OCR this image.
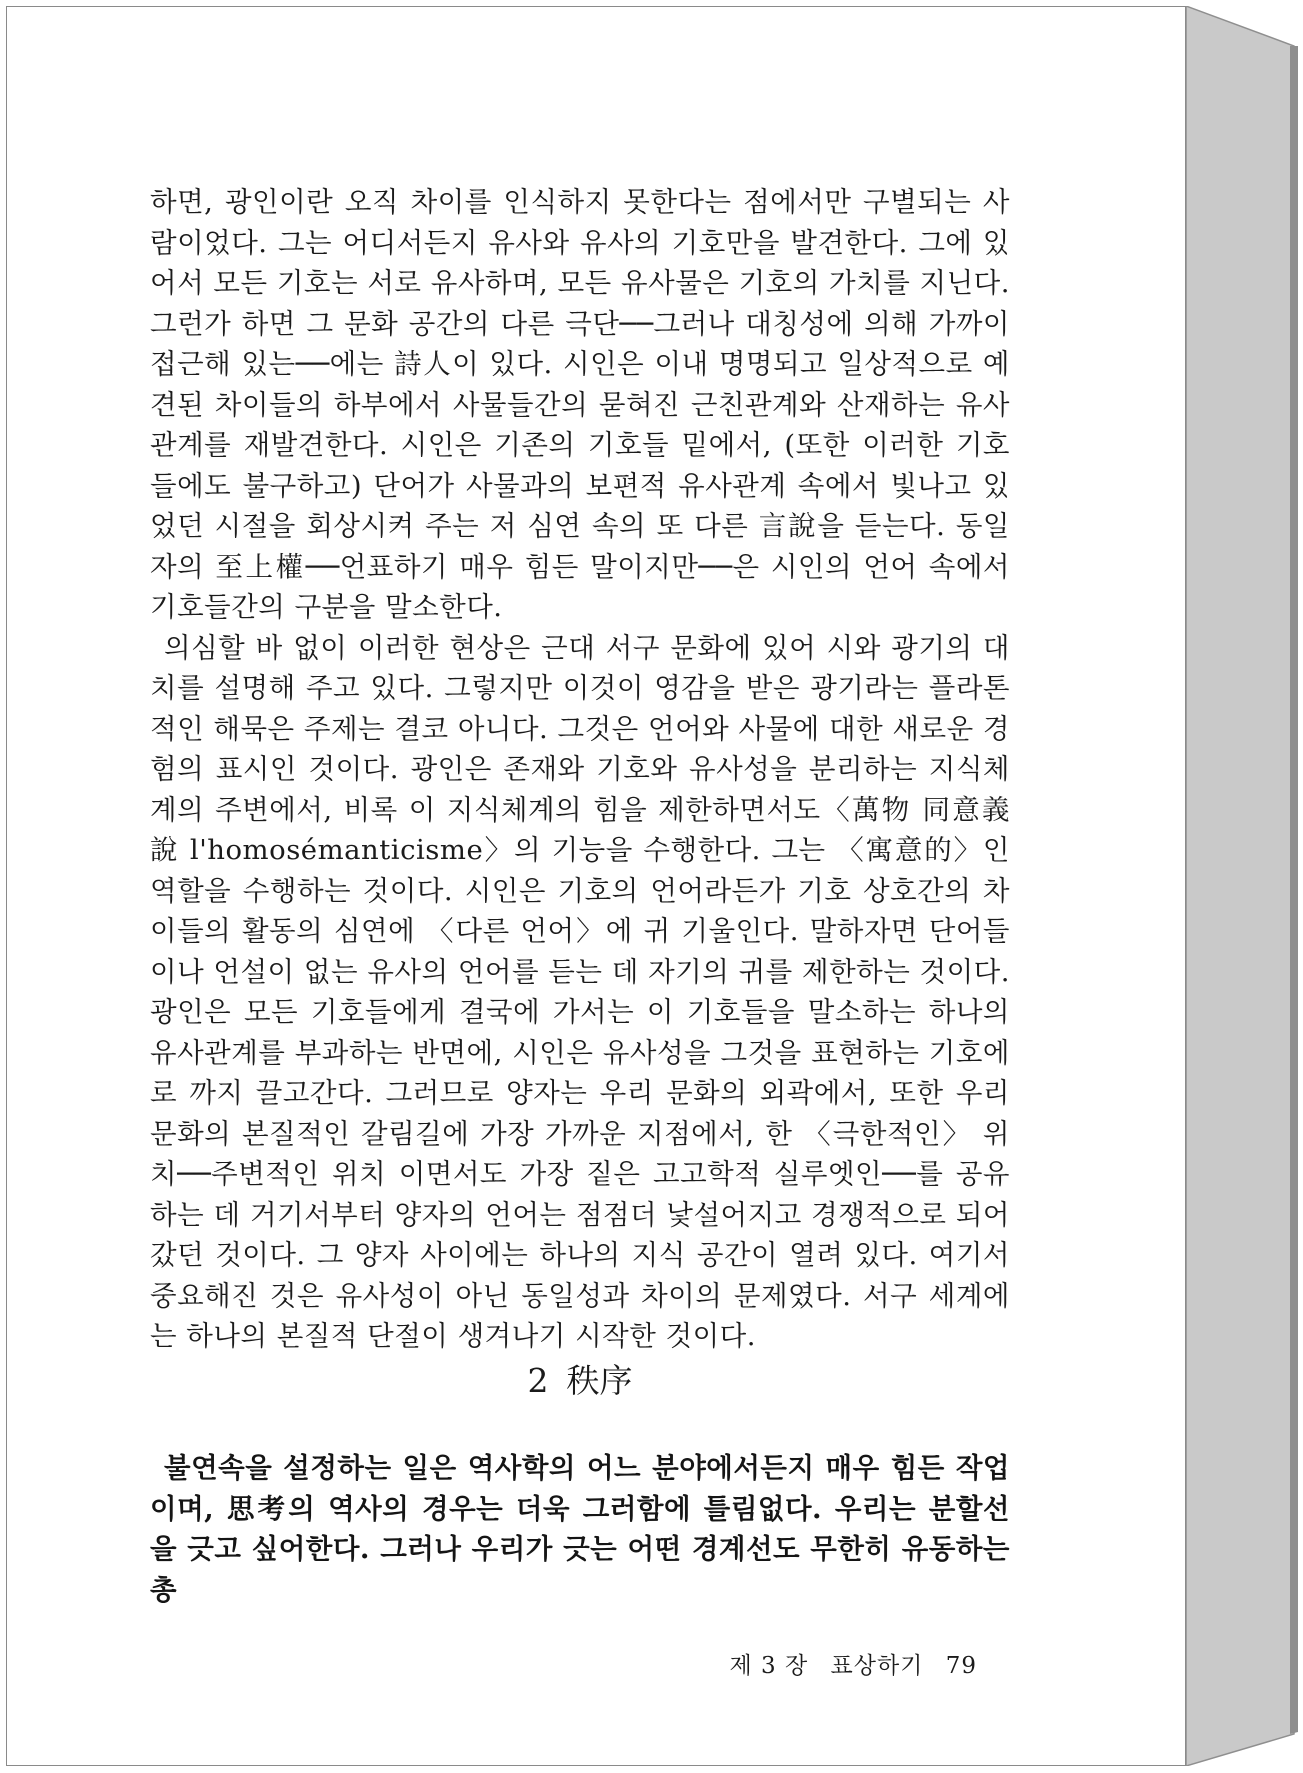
하면, 광인이란 오직 차이를 인식하지 못한다는 점에서만 구별되는 사람이었다. 그는 어디서든지 유사와 유사의 기호만을 발견한다. 그에 있어서 모든 기호는 서로 유사하며, 모든 유사물은 기호의 가치를 지닌다. 그런가 하면 그 문화 공간의 다른 극단──그러나 대칭성에 의해 가까이 접근해 있는──에는 詩人이 있다. 시인은 이내 명명되고 일상적으로 예견된 차이들의 하부에서 사물들간의 묻혀진 근친관계와 산재하는 유사관계를 재발견한다. 시인은 기존의 기호들 밑에서, (또한 이러한 기호들에도 불구하고) 단어가 사물과의 보편적 유사관계 속에서 빛나고 있었던 시절을 회상시켜 주는 저 심연 속의 또 다른 言說을 듣는다. 동일자의 至上權──언표하기 매우 힘든 말이지만──은 시인의 언어 속에서 기호들간의 구분을 말소한다.

의심할 바 없이 이러한 현상은 근대 서구 문화에 있어 시와 광기의 대치를 설명해 주고 있다. 그렇지만 이것이 영감을 받은 광기라는 플라톤적인 해묵은 주제는 결코 아니다. 그것은 언어와 사물에 대한 새로운 경험의 표시인 것이다. 광인은 존재와 기호와 유사성을 분리하는 지식체계의 주변에서, 비록 이 지식체계의 힘을 제한하면서도〈萬物 同意義說 l'homosémanticisme〉의 기능을 수행한다. 그는 〈寓意的〉인 역할을 수행하는 것이다. 시인은 기호의 언어라든가 기호 상호간의 차이들의 활동의 심연에 〈다른 언어〉에 귀 기울인다. 말하자면 단어들이나 언설이 없는 유사의 언어를 듣는 데 자기의 귀를 제한하는 것이다. 광인은 모든 기호들에게 결국에 가서는 이 기호들을 말소하는 하나의 유사관계를 부과하는 반면에, 시인은 유사성을 그것을 표현하는 기호에로 까지 끌고간다. 그러므로 양자는 우리 문화의 외곽에서, 또한 우리 문화의 본질적인 갈림길에 가장 가까운 지점에서, 한 〈극한적인〉 위치──주변적인 위치 이면서도 가장 짙은 고고학적 실루엣인──를 공유하는 데 거기서부터 양자의 언어는 점점더 낯설어지고 경쟁적으로 되어 갔던 것이다. 그 양자 사이에는 하나의 지식 공간이 열려 있다. 여기서 중요해진 것은 유사성이 아닌 동일성과 차이의 문제였다. 서구 세계에는 하나의 본질적 단절이 생겨나기 시작한 것이다.

2 秩序

불연속을 설정하는 일은 역사학의 어느 분야에서든지 매우 힘든 작업이며, 思考의 역사의 경우는 더욱 그러함에 틀림없다. 우리는 분할선을 긋고 싶어한다. 그러나 우리가 긋는 어떤 경계선도 무한히 유동하는 총

제 3 장 표상하기 79
